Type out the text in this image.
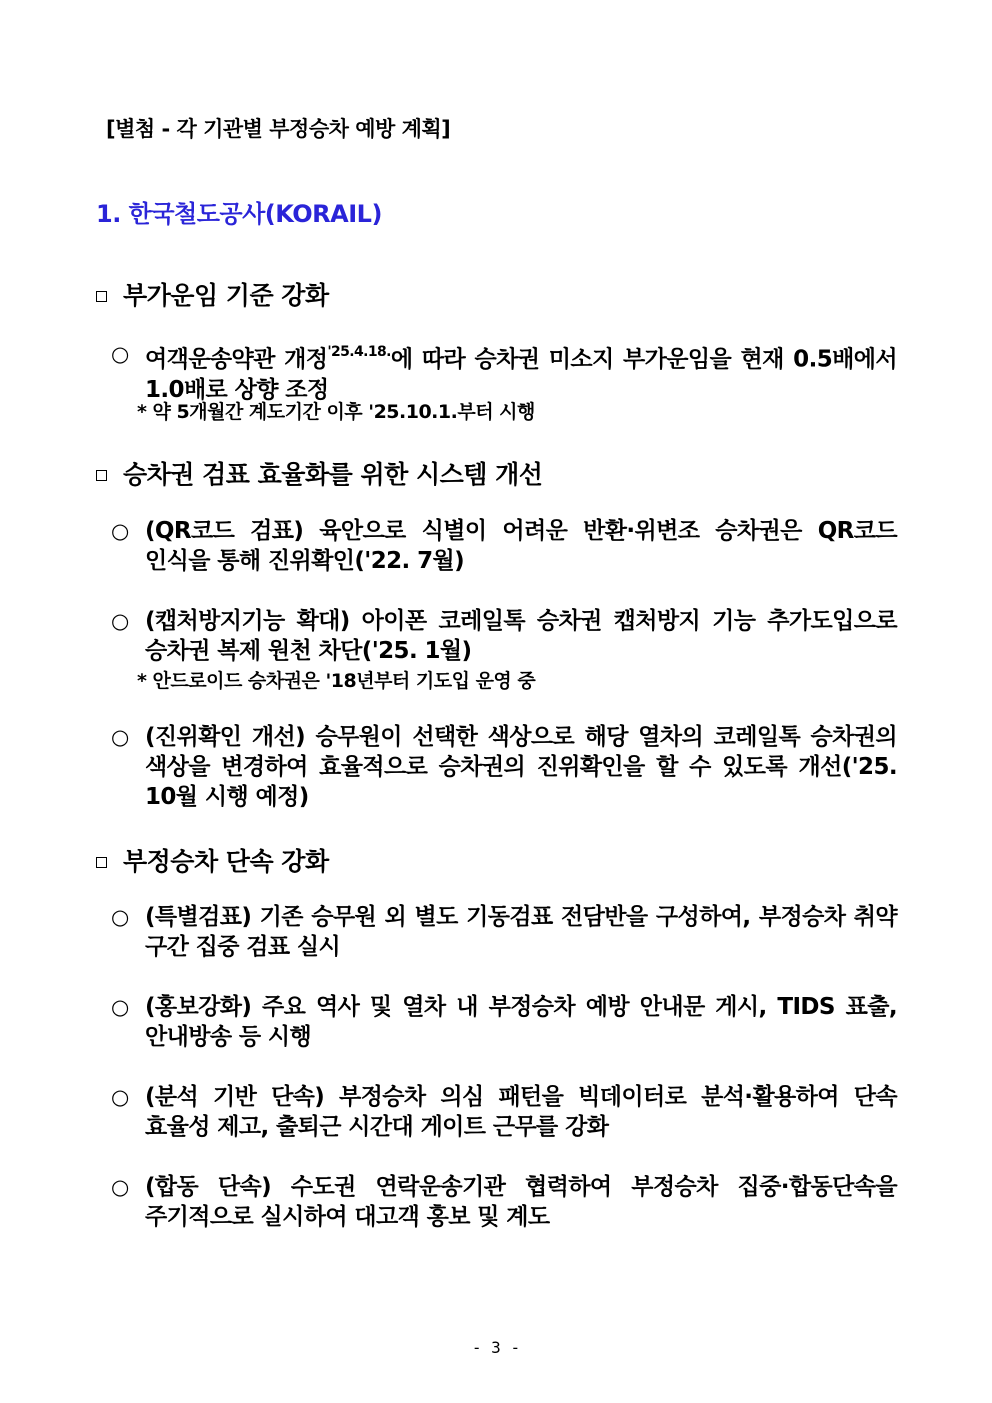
[별첨 - 각 기관별 부정승차 예방 계획]
1. 한국철도공사(KORAIL)
부가운임 기준 강화
○ 여객운송약관 개정$^{'25.4.18.}$에 따라 승차권 미소지 부가운임을 현재 0.5배에서 1.0배로 상향 조정
* 약 5개월간 계도기간 이후 '25.10.1.부터 시행
승차권 검표 효율화를 위한 시스템 개선
○ (QR코드 검표) 육안으로 식별이 어려운 반환·위변조 승차권은 QR코드 인식을 통해 진위확인('22. 7월)
○ (캡처방지기능 확대) 아이폰 코레일톡 승차권 캡처방지 기능 추가도입으로 승차권 복제 원천 차단('25. 1월)
* 안드로이드 승차권은 '18년부터 기도입 운영 중
○ (진위확인 개선) 승무원이 선택한 색상으로 해당 열차의 코레일톡 승차권의 색상을 변경하여 효율적으로 승차권의 진위확인을 할 수 있도록 개선('25. 10월 시행 예정)
부정승차 단속 강화
○ (특별검표) 기존 승무원 외 별도 기동검표 전담반을 구성하여, 부정승차 취약 구간 집중 검표 실시
○ (홍보강화) 주요 역사 및 열차 내 부정승차 예방 안내문 게시, TIDS 표출, 안내방송 등 시행
○ (분석 기반 단속) 부정승차 의심 패턴을 빅데이터로 분석·활용하여 단속 효율성 제고, 출퇴근 시간대 게이트 근무를 강화
○ (합동 단속) 수도권 연락운송기관 협력하여 부정승차 집중·합동단속을 주기적으로 실시하여 대고객 홍보 및 계도
- 3 -
